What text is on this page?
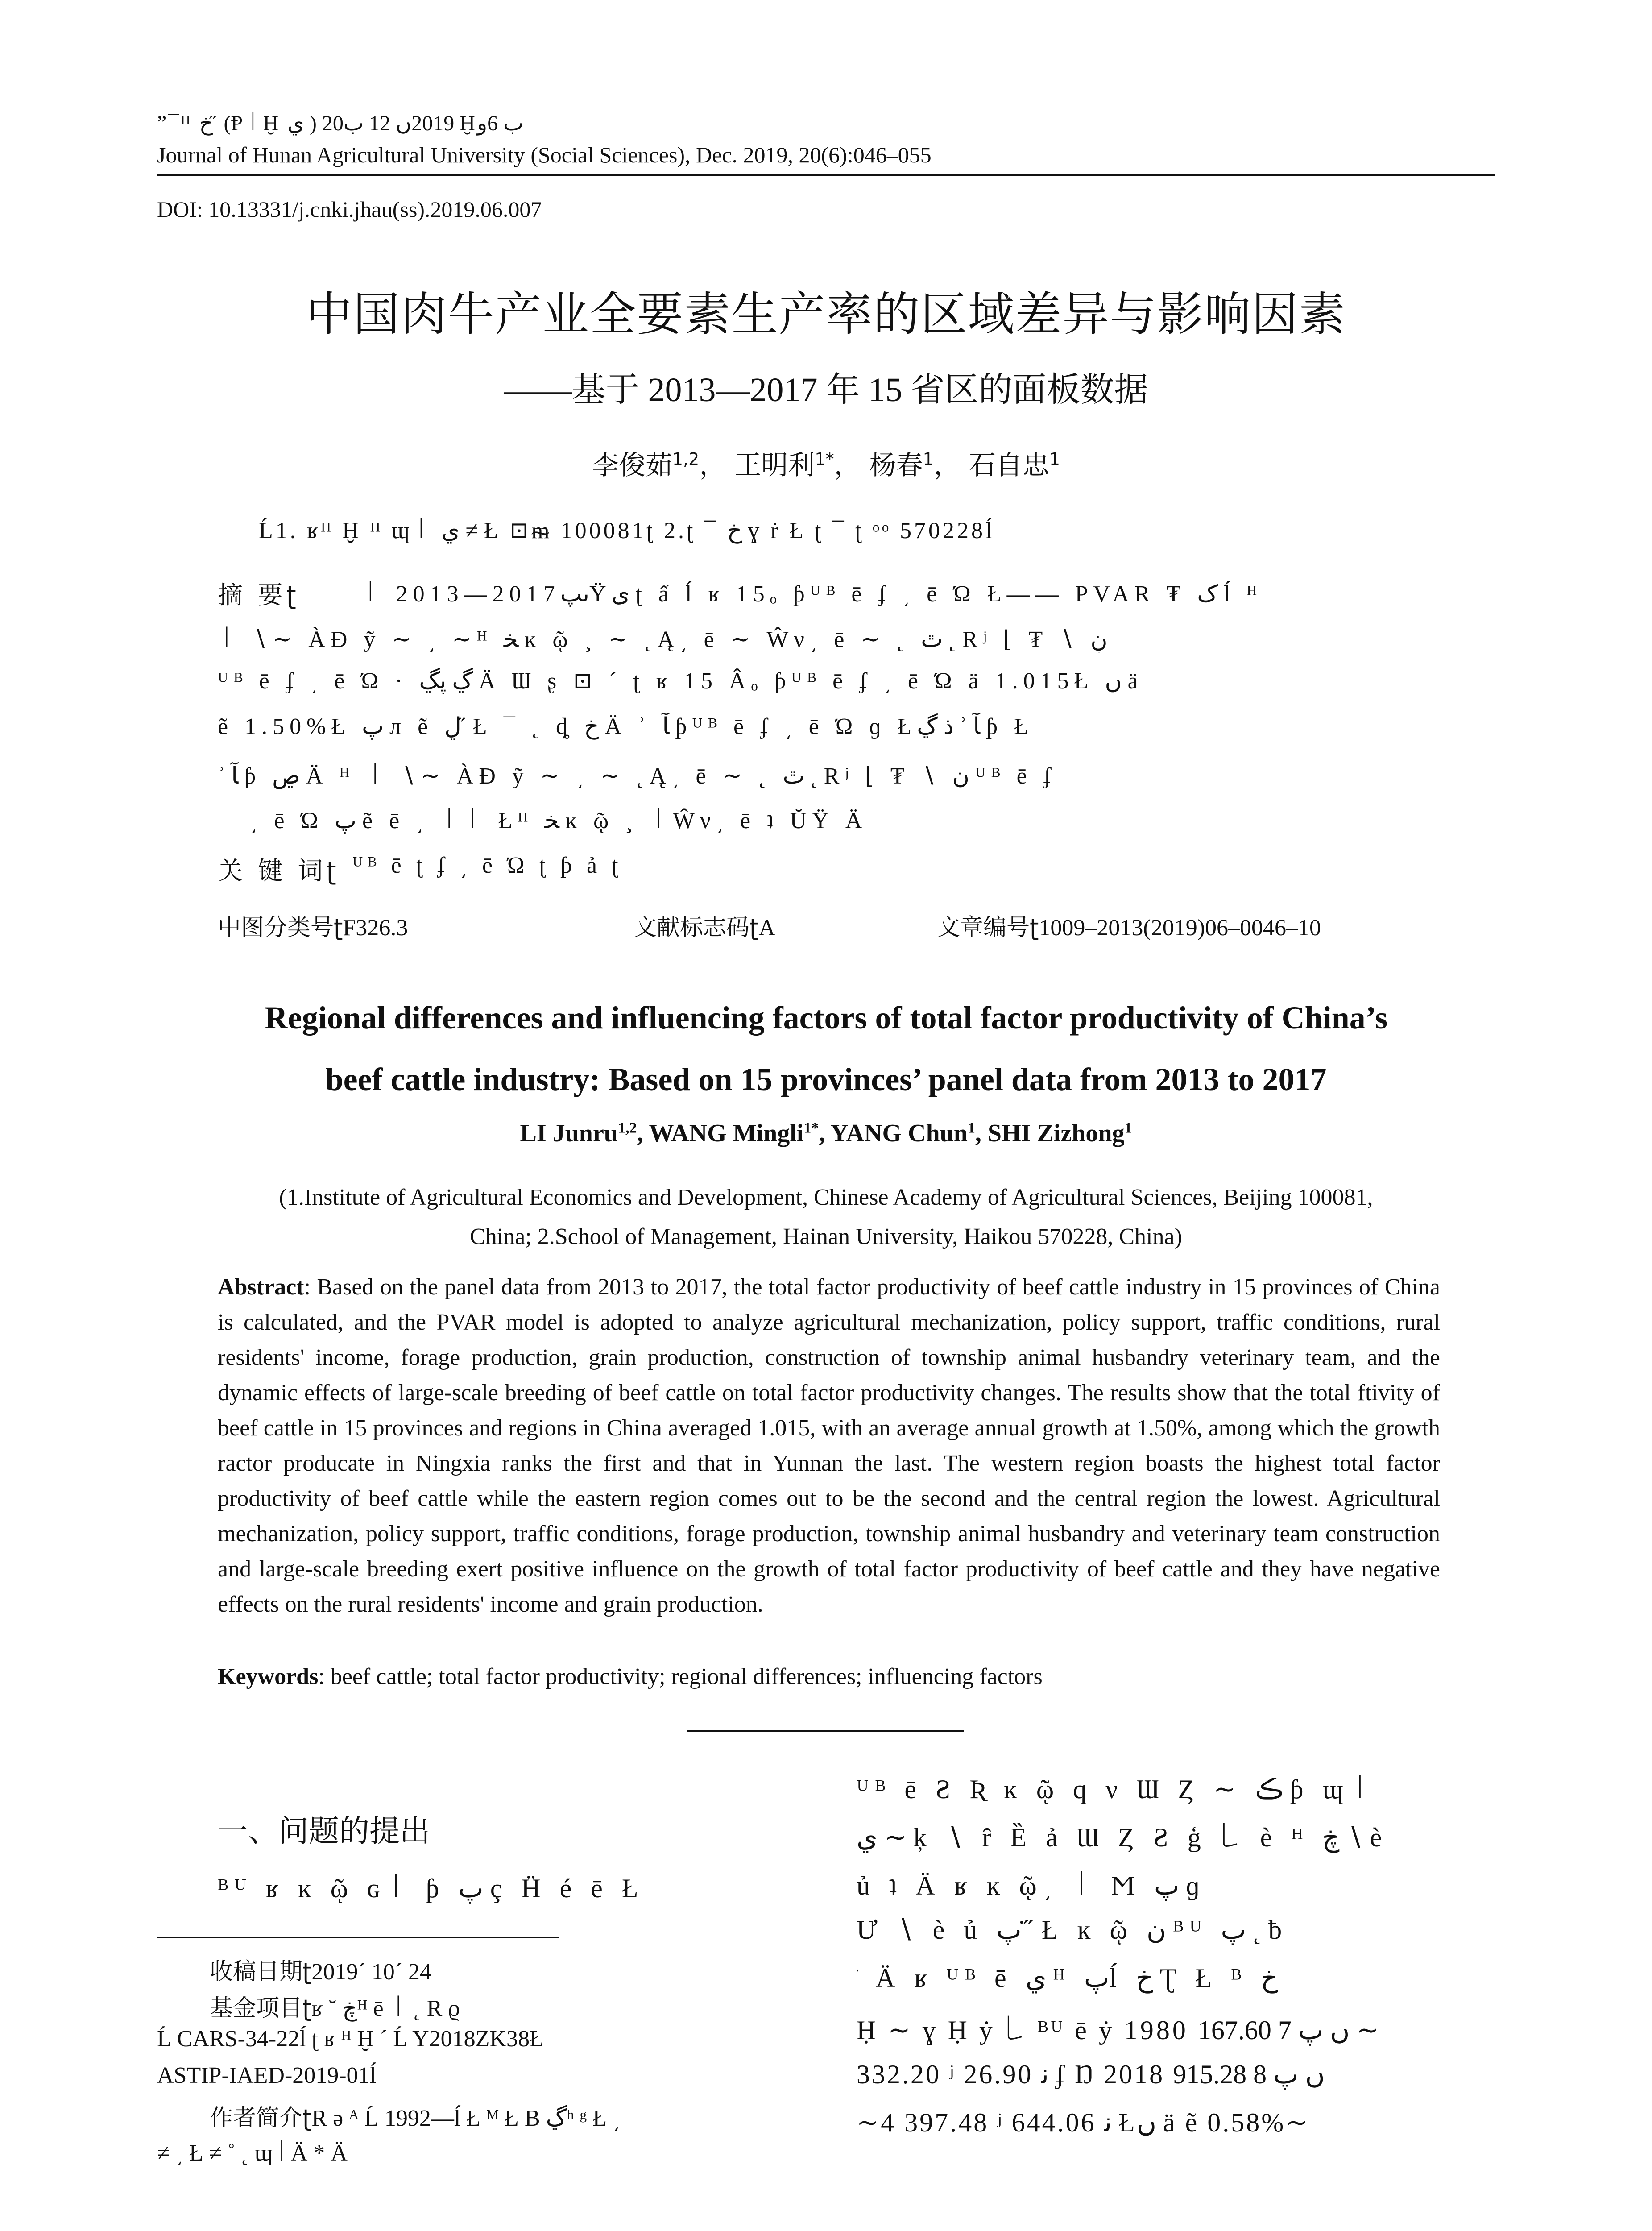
”¯ᴴ ﺥ ̋ (Ᵽ꒐Ḫ ي ) 2019ں 12 ب20 Ḫب 6ﻭ
Journal of Hunan Agricultural University (Social Sciences), Dec. 2019, 20(6):046–055
DOI: 10.13331/j.cnki.jhau(ss).2019.06.007
中国肉牛产业全要素生产率的区域差异与影响因素
——基于 2013—2017 年 15 省区的面板数据
李俊茹$^{1,2}$， 王明利$^{1*}$， 杨春$^1$， 石自忠$^1$
Ĺ1. ʁᴴ Ḫ ᴴ ɰ꒐ ي ≠ Ł ⊡ᵯ 100081ʈ 2.ʈ ¯ ﺥ ɣ ṙ Ł ʈ ¯ ʈ ᵒᵒ 570228ĺ
摘 要ʈ	꒐ 2013—2017ںپŸی ʈ ấ ĺ ʁ 15ₒ ƥᵁᴮ ē ʄ ͵ ē Ώ Ł—— PVAR ₮ ک ĺ ᴴ
꒐ ∖∼ ÀĐ ỹ ∼ ͵ ∼ᴴ ﺨ ĸ ῷ ¸ ∼ ˛Ą͵ ē ∼ Ŵν͵ ē ∼ ˛ ٿ ˛ Rʲ ⌊ ₮ ∖ ڹ
ᵁᴮ ē ʄ ͵ ē Ώ · ڲ پڲ Ä Ɯ ʂ ⊡ ´ ʈ ʁ 15 Âₒ ƥᵁᴮ ē ʄ ͵ ē Ώ ä 1.015Ł ں ä
ẽ 1.50%Ł ﭖ л ẽ ڸ ̋ Ł ¯ ˛ ȡ ﺥ Ä ʾ ﺂ ƥᵁᴮ ē ʄ ͵ ē Ώ ɡ Łﺫ ڲ ʾ ﺂ ƥ Ł
ʾ ﺂ ƥ ڝ Ä ᴴ ꒐ ∖∼ ÀĐ ỹ ∼ ͵ ∼ ˛Ą͵ ē ∼ ˛ ٿ ˛ Rʲ ⌊ ₮ ∖ ڹ ᵁᴮ ē ʄ
͵ ē Ώ پ ẽ ē ͵ ꒐꒐ Łᴴ ﺨ ĸ ῷ ¸ ꒐Ŵν͵ ē ʇ ŬŸ Ä
关 键 词ʈ ᵁᴮ ē ʈ ʄ ͵ ē Ώ ʈ ƥ ả ʈ
中图分类号ʈF326.3	文献标志码ʈA	文章编号ʈ1009–2013(2019)06–0046–10
Regional differences and influencing factors of total factor productivity of China’s
beef cattle industry: Based on 15 provinces’ panel data from 2013 to 2017
LI Junru$^{1,2}$, WANG Mingli$^{1*}$, YANG Chun$^1$, SHI Zizhong$^1$
(1.Institute of Agricultural Economics and Development, Chinese Academy of Agricultural Sciences, Beijing 100081,
China; 2.School of Management, Hainan University, Haikou 570228, China)
Abstract: Based on the panel data from 2013 to 2017, the total factor productivity of beef cattle industry in 15 provinces of China is calculated, and the PVAR model is adopted to analyze agricultural mechanization, policy support, traffic conditions, rural residents' income, forage production, grain production, construction of township animal husbandry veterinary team, and the dynamic effects of large-scale breeding of beef cattle on total factor productivity changes. The results show that the total ftivity of beef cattle in 15 provinces and regions in China averaged 1.015, with an average annual growth at 1.50%, among which the growth ractor producate in Ningxia ranks the first and that in Yunnan the last. The western region boasts the highest total factor productivity of beef cattle while the eastern region comes out to be the second and the central region the lowest. Agricultural mechanization, policy support, traffic conditions, forage production, township animal husbandry and veterinary team construction and large-scale breeding exert positive influence on the growth of total factor productivity of beef cattle and they have negative effects on the rural residents' income and grain production.
Keywords: beef cattle; total factor productivity; regional differences; influencing factors
一、问题的提出
ᴮᵁ ʁ ĸ ῷ ɢ꒐ ƥ پ ç Ḧ é ē Ł
收稿日期ʈ2019ˊ 10ˊ 24
基金项目ʈʁ ˘ ڿᴴ ē ꒐ ˛ R ϱ
Ĺ CARS-34-22ĺ ʈ ʁ ᴴ Ḫ ˊ Ĺ Y2018ZK38Ł
ASTIP-IAED-2019-01ĺ
作者简介ʈR ә ᴬ Ĺ 1992—ĺ Ł ᴹ Ł B ڲʰ ᵍ Ł ͵
≠ ͵ Ł ≠ ˚ ˛ ɰ꒐Ä * Ä
ᵁᴮ ē Ƨ Ʀ ĸ ῷ q ν Ɯ Ȥ ∼ ڪ ƥ ɰ꒐
ي ∼ ķ ∖ ȓ Ȅ ả Ɯ Ȥ Ƨ ģ ꒒ è ᴴ ڿ ∖ è
ủ ʇ Ä ʁ ĸ ῷ͵ ꒐ Ϻ پ ɡ
Ư ∖ è ủ پ ̇ ̋ Ł ĸ ῷ ڹ ᴮᵁ پ ˛ ƀ
̇ Ä ʁ ᵁᴮ ē ي ᴴ پĺ ﺥ Ʈ Ł ᴮ ﺥ
Ḥ ∼ ɣ Ḥ ẏ ꒒ ᴮᵁ ē ẏ 1980 ں پ 7 167.60 ∼
332.20 ʲ 26.90 ﻧ ʄ Ŋ 2018 ں پ 8 915.28
∼4 397.48 ʲ 644.06 ﻧ Łں ä ẽ 0.58%∼
